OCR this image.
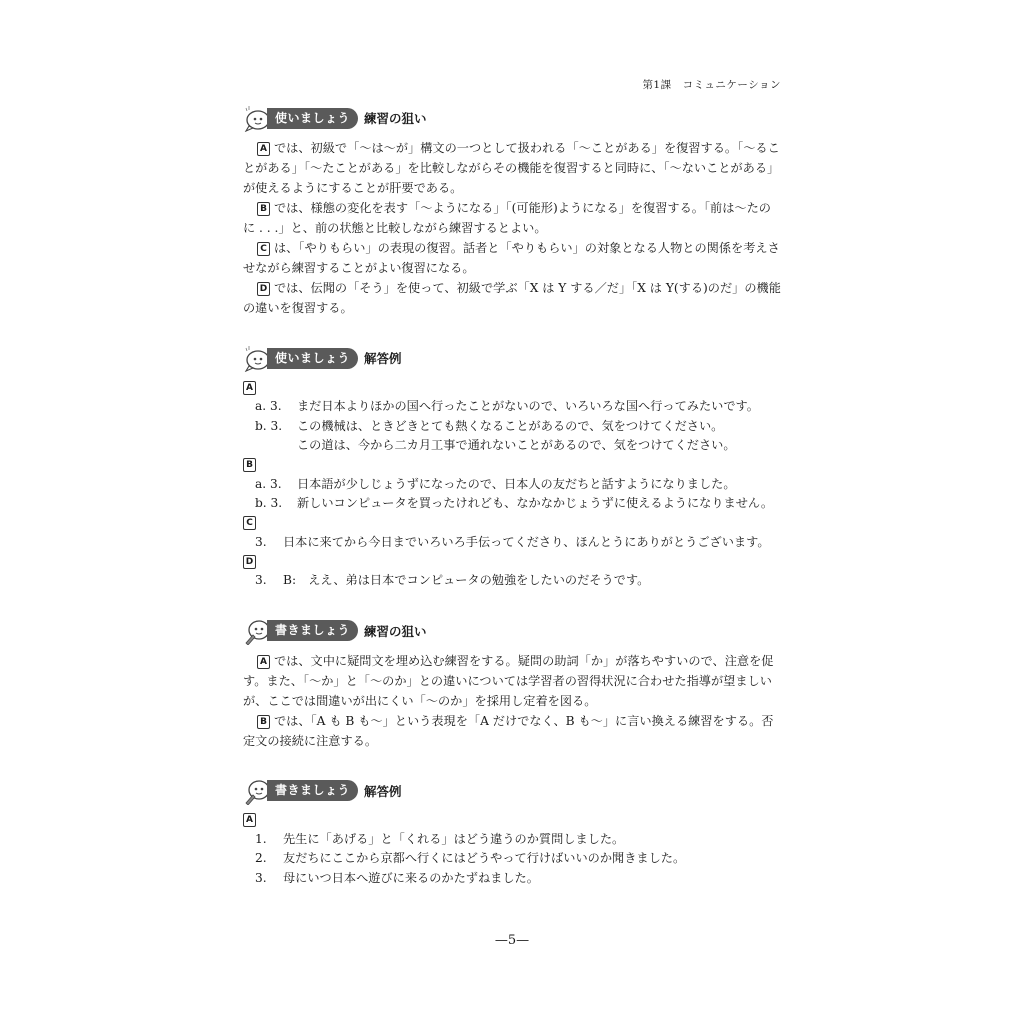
第1課　コミュニケーション
使いましょう	練習の狙い

A では、初級で「〜は〜が」構文の一つとして扱われる「〜ことがある」を復習する。「〜ることがある」「〜たことがある」を比較しながらその機能を復習すると同時に、「〜ないことがある」が使えるようにすることが肝要である。

B では、様態の変化を表す「〜ようになる」「(可能形)ようになる」を復習する。「前は〜たのに . . .」と、前の状態と比較しながら練習するとよい。

C は、「やりもらい」の表現の復習。話者と「やりもらい」の対象となる人物との関係を考えさせながら練習することがよい復習になる。

D では、伝聞の「そう」を使って、初級で学ぶ「X は Y する／だ」「X は Y(する)のだ」の機能の違いを復習する。

使いましょう	解答例
A
a. 3. まだ日本よりほかの国へ行ったことがないので、いろいろな国へ行ってみたいです。
b. 3. この機械は、ときどきとても熱くなることがあるので、気をつけてください。
この道は、今から二カ月工事で通れないことがあるので、気をつけてください。
B
a. 3. 日本語が少しじょうずになったので、日本人の友だちと話すようになりました。
b. 3. 新しいコンピュータを買ったけれども、なかなかじょうずに使えるようになりません。
C
3. 日本に来てから今日までいろいろ手伝ってくださり、ほんとうにありがとうございます。
D
3. B:　ええ、弟は日本でコンピュータの勉強をしたいのだそうです。
書きましょう	練習の狙い

A では、文中に疑問文を埋め込む練習をする。疑問の助詞「か」が落ちやすいので、注意を促す。また、「〜か」と「〜のか」との違いについては学習者の習得状況に合わせた指導が望ましいが、ここでは間違いが出にくい「〜のか」を採用し定着を図る。

B では、「A も B も〜」という表現を「A だけでなく、B も〜」に言い換える練習をする。否定文の接続に注意する。

書きましょう	解答例
A
1. 先生に「あげる」と「くれる」はどう違うのか質問しました。
2. 友だちにここから京都へ行くにはどうやって行けばいいのか聞きました。
3. 母にいつ日本へ遊びに来るのかたずねました。
—5—
